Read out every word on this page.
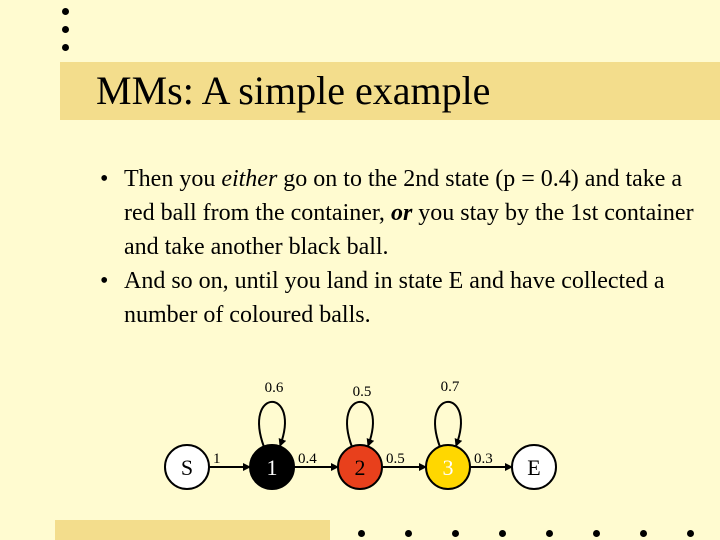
MMs: A simple example
• Then you either go on to the 2nd state (p = 0.4) and take a red ball from the container, or you stay by the 1st container and take another black ball.
• And so on, until you land in state E and have collected a number of coloured balls.
1	0.4	0.5	0.3
0.6	0.5	0.7
S	1	2	3	E
